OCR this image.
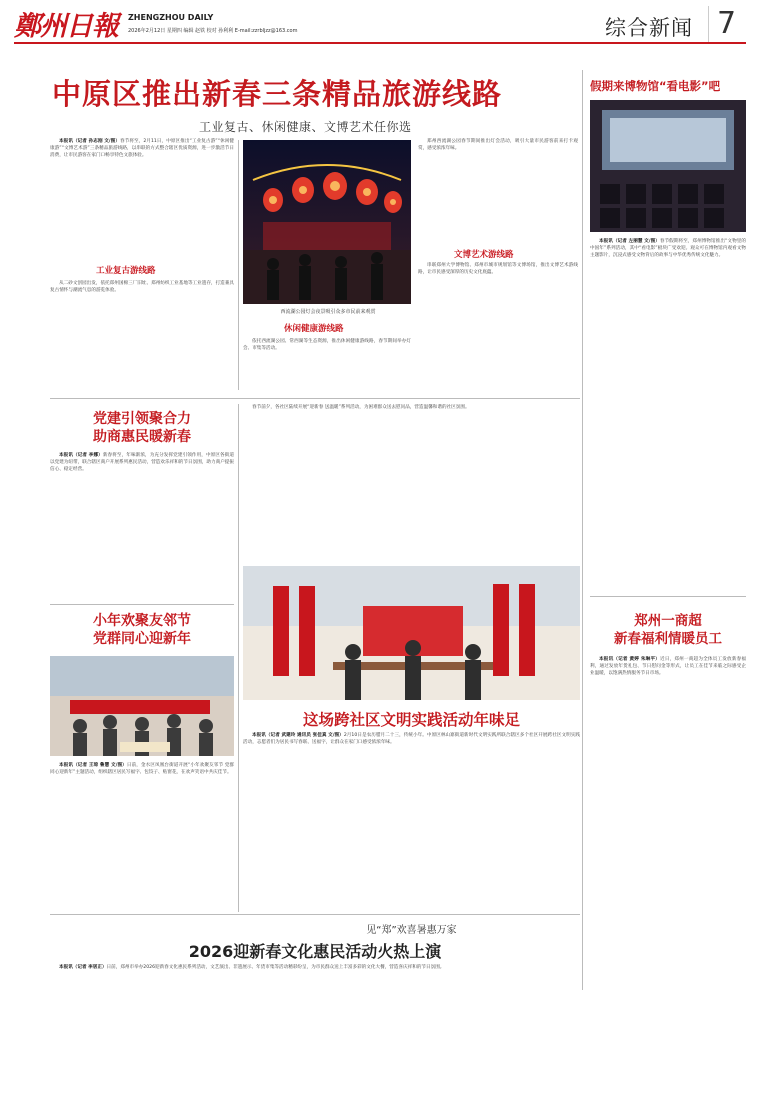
鄭州日報 ZHENGZHOU DAILY
2026年2月12日 星期四 编辑 赵铁 校对 孙利利 E-mail:zzrbljzz@163.com	综合新闻 7
中原区推出新春三条精品旅游线路
工业复古、休闲健康、文博艺术任你选

本报讯（记者 孙志刚 文/图）春节将至，2月11日，中原区推出“工业复古游”“休闲健康游”“文博艺术游”三条精品旅游线路，以串联的方式整合辖区优质资源，进一步激活节日消费，让市民游客在家门口畅享特色文旅体验。

工业复古游线路

从二砂文创园出发，依托郑州国棉三厂旧址、郑州纺织工业基地等工业遗存，打造兼具复古情怀与潮流气息的游览体验。

西流湖公园灯会夜景吸引众多市民前来观赏
休闲健康游线路

依托西流湖公园、常西湖等生态资源，推出休闲健康游线路，春节期间举办灯会、市集等活动。

郑州西流湖公园春节期间推出灯会活动，吸引大量市民游客前来打卡观赏，感受浓浓年味。

文博艺术游线路

串联郑州大学博物馆、郑州市城市规划馆等文博场馆，推出文博艺术游线路，让市民感受深厚的历史文化底蕴。

党建引领聚合力
助商惠民暖新春

本报讯（记者 李娜）新春将至，年味渐浓，为充分发挥党建引领作用，中原区各街道以党建为纽带，联合辖区商户开展系列惠民活动，营造欢乐祥和的节日氛围，助力商户提振信心、稳定经营。

小年欢聚友邻节
党群同心迎新年

本报讯（记者 王琼 鲁慧 文/图）日前，金水区凤凰台街道开展“小年欢聚友邻节 党群同心迎新年”主题活动，组织辖区居民写福字、包饺子、贴窗花，在欢声笑语中共庆佳节。

春节前夕，各社区陆续开展“迎新春 送温暖”系列活动，为困难群众送去慰问品，营造温馨和谐的社区氛围。

这场跨社区文明实践活动年味足

本报讯（记者 武建玲 通讯员 张佳真 文/图）2月10日是农历腊月二十三，传统小年。中原区林山寨街道新时代文明实践所联合辖区多个社区开展跨社区文明实践活动，志愿者们为居民书写春联、送福字，让群众在家门口感受浓浓年味。

假期来博物馆“看电影”吧

本报讯（记者 左丽慧 文/图）春节假期将至，郑州博物馆推出“文物里的中国年”系列活动，其中“看电影”板块广受欢迎。观众可在博物馆内观看文物主题影片，沉浸式感受文物背后的故事与中华优秀传统文化魅力。

郑州一商超
新春福利情暖员工

本报讯（记者 黄婷 朱琳平）近日，郑州一商超为全体员工发放新春福利，通过发放年货礼包、节日慰问金等形式，让员工在佳节来临之际感受企业温暖，以饱满热情服务节日市场。

见“郑”欢喜暑惠万家
2026迎新春文化惠民活动火热上演

本报讯（记者 李居正）日前，郑州市举办2026迎新春文化惠民系列活动，文艺演出、非遗展示、年货市集等活动精彩纷呈，为市民群众送上丰富多彩的文化大餐，营造喜庆祥和的节日氛围。
